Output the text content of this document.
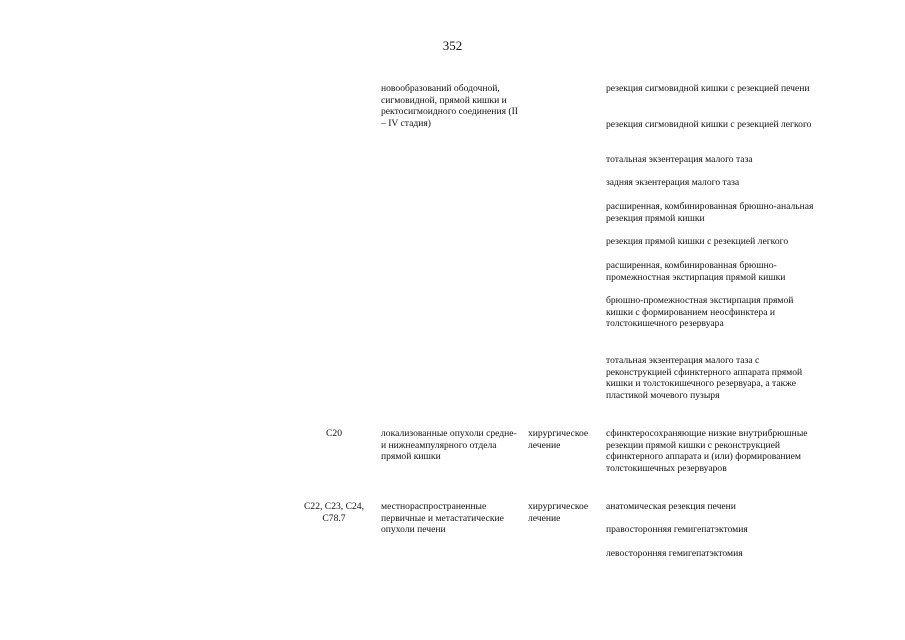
352
новообразований ободочной, сигмовидной, прямой кишки и ректосигмоидного соединения (II – IV стадия)
резекция сигмовидной кишки с резекцией печени
резекция сигмовидной кишки с резекцией легкого
тотальная экзентерация малого таза
задняя экзентерация малого таза
расширенная, комбинированная брюшно-анальная резекция прямой кишки
резекция прямой кишки с резекцией легкого
расширенная, комбинированная брюшно-промежностная экстирпация прямой кишки
брюшно-промежностная экстирпация прямой кишки с формированием неосфинктера и толстокишечного резервуара
тотальная экзентерация малого таза с реконструкцией сфинктерного аппарата прямой кишки и толстокишечного резервуара, а также пластикой мочевого пузыря
C20	локализованные опухоли средне- и нижнеампулярного отдела прямой кишки
хирургическое лечение
сфинктеросохраняющие низкие внутрибрюшные резекции прямой кишки с реконструкцией сфинктерного аппарата и (или) формированием толстокишечных резервуаров
C22, C23, C24, C78.7
местнораспространенные первичные и метастатические опухоли печени
хирургическое лечение
анатомическая резекция печени
правосторонняя гемигепатэктомия
левосторонняя гемигепатэктомия
